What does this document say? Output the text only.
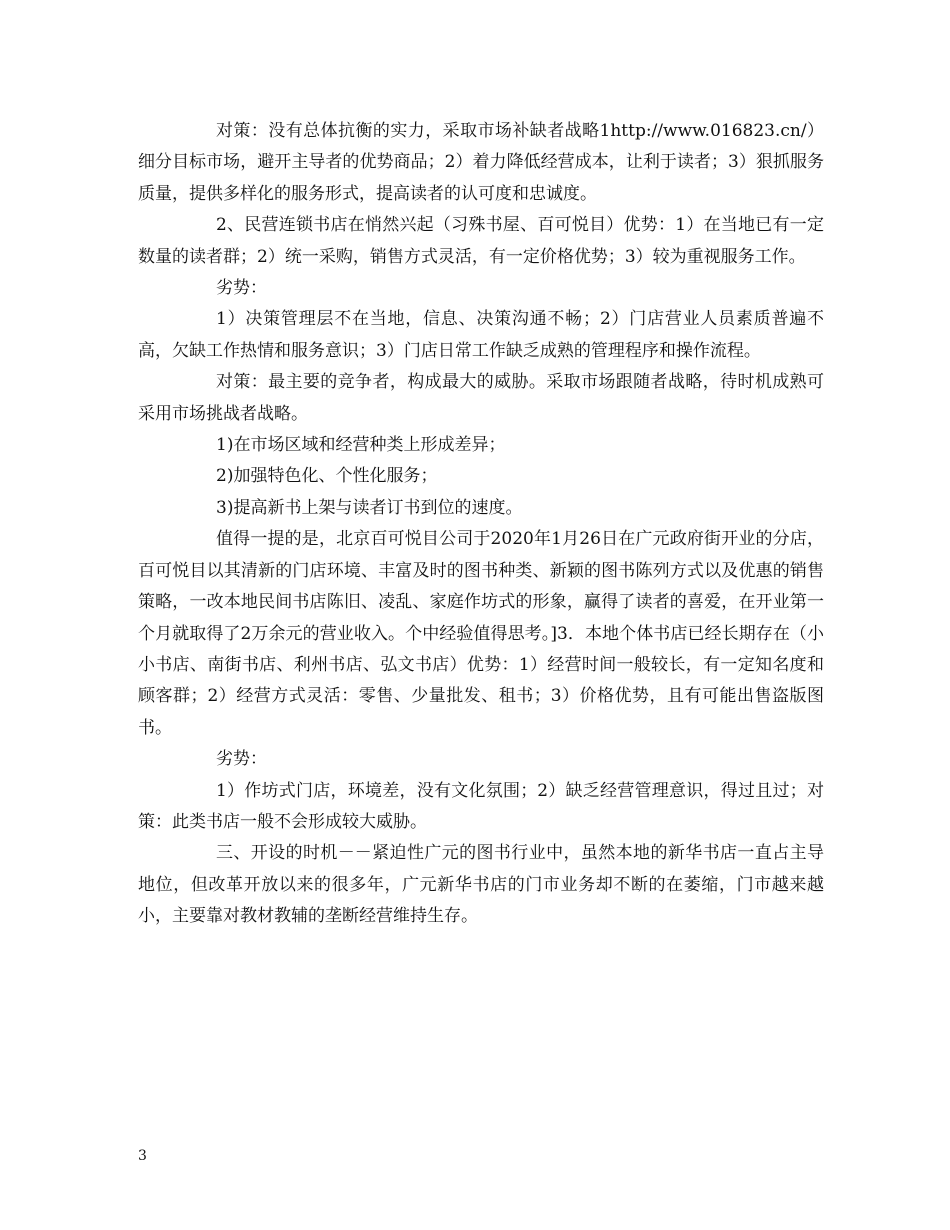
对策：没有总体抗衡的实力，采取市场补缺者战略1http://www.016823.cn/）细分目标市场，避开主导者的优势商品；2）着力降低经营成本，让利于读者；3）狠抓服务质量，提供多样化的服务形式，提高读者的认可度和忠诚度。

2、民营连锁书店在悄然兴起（习殊书屋、百可悦目）优势：1）在当地已有一定数量的读者群；2）统一采购，销售方式灵活，有一定价格优势；3）较为重视服务工作。

劣势：

1）决策管理层不在当地，信息、决策沟通不畅；2）门店营业人员素质普遍不高，欠缺工作热情和服务意识；3）门店日常工作缺乏成熟的管理程序和操作流程。

对策：最主要的竞争者，构成最大的威胁。采取市场跟随者战略，待时机成熟可采用市场挑战者战略。

1)在市场区域和经营种类上形成差异；

2)加强特色化、个性化服务；

3)提高新书上架与读者订书到位的速度。

值得一提的是，北京百可悦目公司于2020年1月26日在广元政府街开业的分店，百可悦目以其清新的门店环境、丰富及时的图书种类、新颖的图书陈列方式以及优惠的销售策略，一改本地民间书店陈旧、凌乱、家庭作坊式的形象，赢得了读者的喜爱，在开业第一个月就取得了2万余元的营业收入。个中经验值得思考。]3．本地个体书店已经长期存在（小小书店、南街书店、利州书店、弘文书店）优势：1）经营时间一般较长，有一定知名度和顾客群；2）经营方式灵活：零售、少量批发、租书；3）价格优势，且有可能出售盗版图书。

劣势：

1）作坊式门店，环境差，没有文化氛围；2）缺乏经营管理意识，得过且过；对策：此类书店一般不会形成较大威胁。

三、开设的时机－－紧迫性广元的图书行业中，虽然本地的新华书店一直占主导地位，但改革开放以来的很多年，广元新华书店的门市业务却不断的在萎缩，门市越来越小，主要靠对教材教辅的垄断经营维持生存。

3
